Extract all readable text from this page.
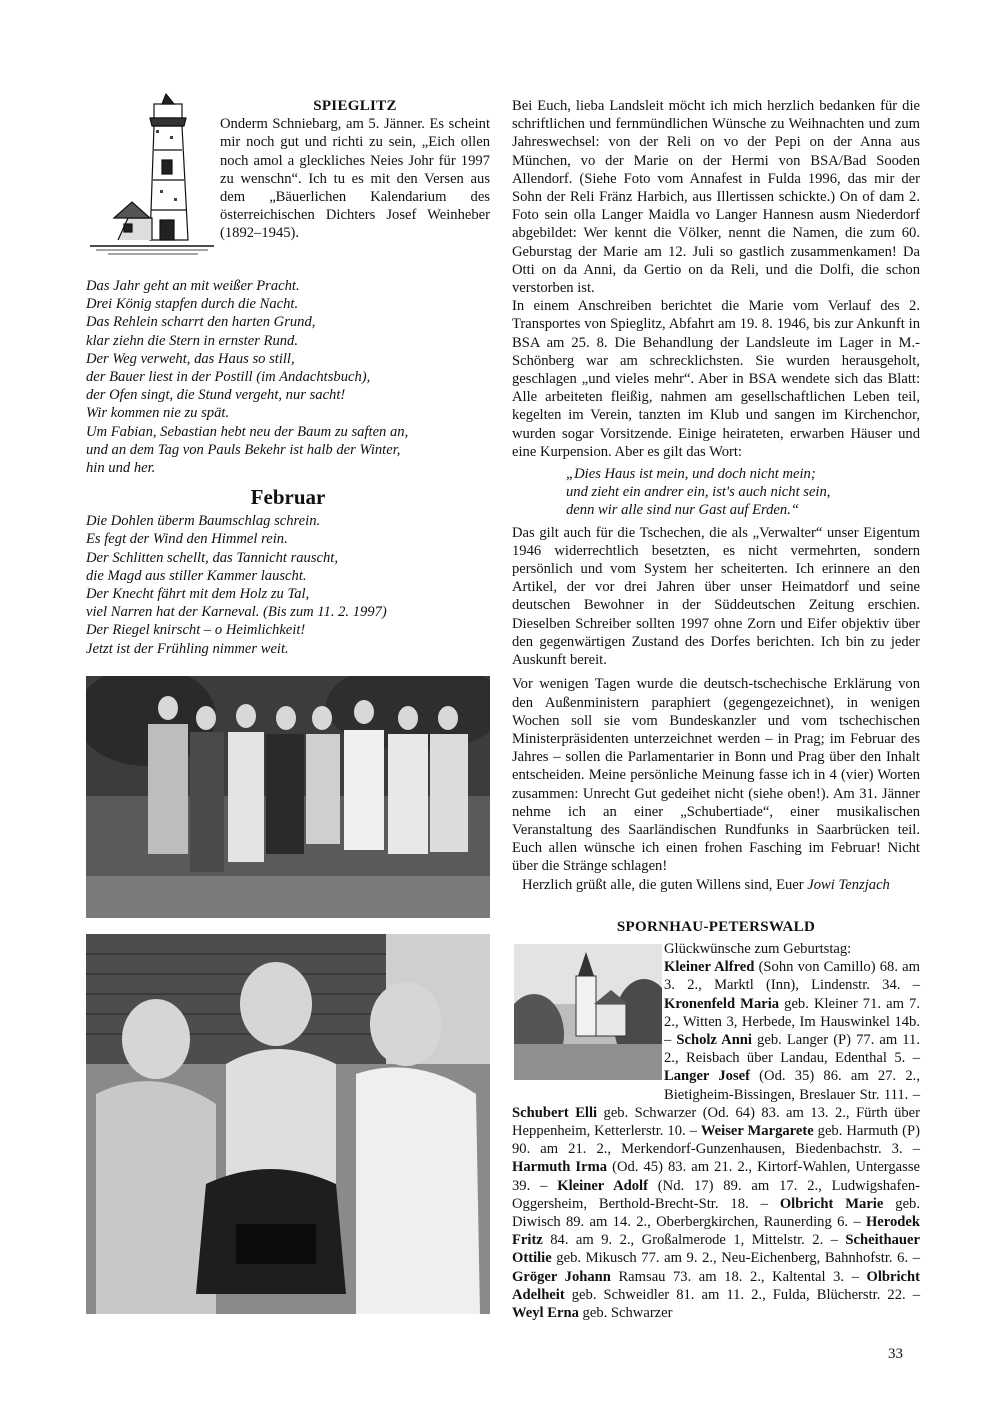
SPIEGLITZ

Onderm Schniebarg, am 5. Jänner. Es scheint mir noch gut und richti zu sein, „Eich ollen noch amol a gleckliches Neies Johr für 1997 zu wenschn“. Ich tu es mit den Versen aus dem „Bäuerlichen Kalendarium des österreichischen Dichters Josef Weinheber (1892–1945).

Das Jahr geht an mit weißer Pracht.
Drei König stapfen durch die Nacht.
Das Rehlein scharrt den harten Grund,
klar ziehn die Stern in ernster Rund.
Der Weg verweht, das Haus so still,
der Bauer liest in der Postill (im Andachtsbuch),
der Ofen singt, die Stund vergeht, nur sacht!
Wir kommen nie zu spät.
Um Fabian, Sebastian hebt neu der Baum zu saften an,
und an dem Tag von Pauls Bekehr ist halb der Winter,
hin und her.

Februar

Die Dohlen überm Baumschlag schrein.
Es fegt der Wind den Himmel rein.
Der Schlitten schellt, das Tannicht rauscht,
die Magd aus stiller Kammer lauscht.
Der Knecht fährt mit dem Holz zu Tal,
viel Narren hat der Karneval. (Bis zum 11. 2. 1997)
Der Riegel knirscht – o Heimlichkeit!
Jetzt ist der Frühling nimmer weit.

Bei Euch, lieba Landsleit möcht ich mich herzlich bedanken für die schriftlichen und fernmündlichen Wünsche zu Weihnachten und zum Jahreswechsel: von der Reli on vo der Pepi on der Anna aus München, vo der Marie on der Hermi von BSA/Bad Sooden Allendorf. (Siehe Foto vom Annafest in Fulda 1996, das mir der Sohn der Reli Fränz Harbich, aus Illertissen schickte.) On of dam 2. Foto sein olla Langer Maidla vo Langer Hannesn ausm Niederdorf abgebildet: Wer kennt die Völker, nennt die Namen, die zum 60. Geburstag der Marie am 12. Juli so gastlich zusammenkamen! Da Otti on da Anni, da Gertio on da Reli, und die Dolfi, die schon verstorben ist.

In einem Anschreiben berichtet die Marie vom Verlauf des 2. Transportes von Spieglitz, Abfahrt am 19. 8. 1946, bis zur Ankunft in BSA am 25. 8. Die Behandlung der Landsleute im Lager in M.-Schönberg war am schrecklichsten. Sie wurden herausgeholt, geschlagen „und vieles mehr“. Aber in BSA wendete sich das Blatt: Alle arbeiteten fleißig, nahmen am gesellschaftlichen Leben teil, kegelten im Verein, tanzten im Klub und sangen im Kirchenchor, wurden sogar Vorsitzende. Einige heirateten, erwarben Häuser und eine Kurpension. Aber es gilt das Wort:

„Dies Haus ist mein, und doch nicht mein;
und zieht ein andrer ein, ist's auch nicht sein,
denn wir alle sind nur Gast auf Erden.“

Das gilt auch für die Tschechen, die als „Verwalter“ unser Eigentum 1946 widerrechtlich besetzten, es nicht vermehrten, sondern persönlich und vom System her scheiterten. Ich erinnere an den Artikel, der vor drei Jahren über unser Heimatdorf und seine deutschen Bewohner in der Süddeutschen Zeitung erschien. Dieselben Schreiber sollten 1997 ohne Zorn und Eifer objektiv über den gegenwärtigen Zustand des Dorfes berichten. Ich bin zu jeder Auskunft bereit.

Vor wenigen Tagen wurde die deutsch-tschechische Erklärung von den Außenministern paraphiert (gegengezeichnet), in wenigen Wochen soll sie vom Bundeskanzler und vom tschechischen Ministerpräsidenten unterzeichnet werden – in Prag; im Februar des Jahres – sollen die Parlamentarier in Bonn und Prag über den Inhalt entscheiden. Meine persönliche Meinung fasse ich in 4 (vier) Worten zusammen: Unrecht Gut gedeihet nicht (siehe oben!). Am 31. Jänner nehme ich an einer „Schubertiade“, einer musikalischen Veranstaltung des Saarländischen Rundfunks in Saarbrücken teil. Euch allen wünsche ich einen frohen Fasching im Februar! Nicht über die Stränge schlagen!

Herzlich grüßt alle, die guten Willens sind, Euer Jowi Tenzjach

SPORNHAU-PETERSWALD

Glückwünsche zum Geburtstag:
Kleiner Alfred (Sohn von Camillo) 68. am 3. 2., Marktl (Inn), Lindenstr. 34. – Kronenfeld Maria geb. Kleiner 71. am 7. 2., Witten 3, Herbede, Im Hauswinkel 14b. – Scholz Anni geb. Langer (P) 77. am 11. 2., Reisbach über Landau, Edenthal 5. – Langer Josef (Od. 35) 86. am 27. 2., Bietigheim-Bissingen, Breslauer Str. 111. – Schubert Elli geb. Schwarzer (Od. 64) 83. am 13. 2., Fürth über Heppenheim, Ketterlerstr. 10. – Weiser Margarete geb. Harmuth (P) 90. am 21. 2., Merkendorf-Gunzenhausen, Biedenbachstr. 3. – Harmuth Irma (Od. 45) 83. am 21. 2., Kirtorf-Wahlen, Untergasse 39. – Kleiner Adolf (Nd. 17) 89. am 17. 2., Ludwigshafen-Oggersheim, Berthold-Brecht-Str. 18. – Olbricht Marie geb. Diwisch 89. am 14. 2., Oberbergkirchen, Raunerding 6. – Herodek Fritz 84. am 9. 2., Großalmerode 1, Mittelstr. 2. – Scheithauer Ottilie geb. Mikusch 77. am 9. 2., Neu-Eichenberg, Bahnhofstr. 6. – Gröger Johann Ramsau 73. am 18. 2., Kaltental 3. – Olbricht Adelheit geb. Schweidler 81. am 11. 2., Fulda, Blücherstr. 22. – Weyl Erna geb. Schwarzer

33
